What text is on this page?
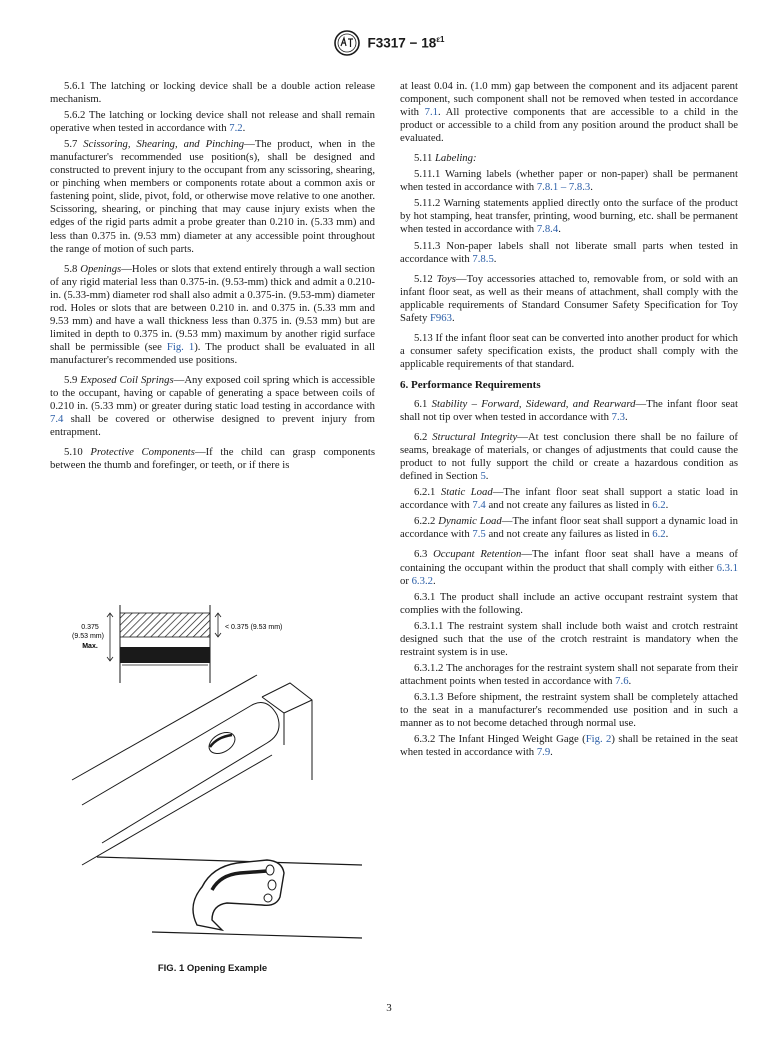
$F3317 - 18^{\varepsilon 1}$

5.6.1 The latching or locking device shall be a double action release mechanism.

5.6.2 The latching or locking device shall not release and shall remain operative when tested in accordance with 7.2.

5.7 Scissoring, Shearing, and Pinching—The product, when in the manufacturer's recommended use position(s), shall be designed and constructed to prevent injury to the occupant from any scissoring, shearing, or pinching when members or components rotate about a common axis or fastening point, slide, pivot, fold, or otherwise move relative to one another. Scissoring, shearing, or pinching that may cause injury exists when the edges of the rigid parts admit a probe greater than 0.210 in. (5.33 mm) and less than 0.375 in. (9.53 mm) diameter at any accessible point throughout the range of motion of such parts.

5.8 Openings—Holes or slots that extend entirely through a wall section of any rigid material less than 0.375-in. (9.53-mm) thick and admit a 0.210-in. (5.33-mm) diameter rod shall also admit a 0.375-in. (9.53-mm) diameter rod. Holes or slots that are between 0.210 in. and 0.375 in. (5.33 mm and 9.53 mm) and have a wall thickness less than 0.375 in. (9.53 mm) but are limited in depth to 0.375 in. (9.53 mm) maximum by another rigid surface shall be permissible (see Fig. 1). The product shall be evaluated in all manufacturer's recommended use positions.

5.9 Exposed Coil Springs—Any exposed coil spring which is accessible to the occupant, having or capable of generating a space between coils of 0.210 in. (5.33 mm) or greater during static load testing in accordance with 7.4 shall be covered or otherwise designed to prevent injury from entrapment.

5.10 Protective Components—If the child can grasp components between the thumb and forefinger, or teeth, or if there is

0.375
(9.53 mm)
Max.
< 0.375 (9.53 mm)
FIG. 1 Opening Example

at least 0.04 in. (1.0 mm) gap between the component and its adjacent parent component, such component shall not be removed when tested in accordance with 7.1. All protective components that are accessible to a child in the product or accessible to a child from any position around the product shall be evaluated.

5.11 Labeling:

5.11.1 Warning labels (whether paper or non-paper) shall be permanent when tested in accordance with 7.8.1 – 7.8.3.

5.11.2 Warning statements applied directly onto the surface of the product by hot stamping, heat transfer, printing, wood burning, etc. shall be permanent when tested in accordance with 7.8.4.

5.11.3 Non-paper labels shall not liberate small parts when tested in accordance with 7.8.5.

5.12 Toys—Toy accessories attached to, removable from, or sold with an infant floor seat, as well as their means of attachment, shall comply with the applicable requirements of Standard Consumer Safety Specification for Toy Safety F963.

5.13 If the infant floor seat can be converted into another product for which a consumer safety specification exists, the product shall comply with the applicable requirements of that standard.

6. Performance Requirements

6.1 Stability – Forward, Sideward, and Rearward—The infant floor seat shall not tip over when tested in accordance with 7.3.

6.2 Structural Integrity—At test conclusion there shall be no failure of seams, breakage of materials, or changes of adjustments that could cause the product to not fully support the child or create a hazardous condition as defined in Section 5.

6.2.1 Static Load—The infant floor seat shall support a static load in accordance with 7.4 and not create any failures as listed in 6.2.

6.2.2 Dynamic Load—The infant floor seat shall support a dynamic load in accordance with 7.5 and not create any failures as listed in 6.2.

6.3 Occupant Retention—The infant floor seat shall have a means of containing the occupant within the product that shall comply with either 6.3.1 or 6.3.2.

6.3.1 The product shall include an active occupant restraint system that complies with the following.

6.3.1.1 The restraint system shall include both waist and crotch restraint designed such that the use of the crotch restraint is mandatory when the restraint system is in use.

6.3.1.2 The anchorages for the restraint system shall not separate from their attachment points when tested in accordance with 7.6.

6.3.1.3 Before shipment, the restraint system shall be completely attached to the seat in a manufacturer's recommended use position and in such a manner as to not become detached through normal use.

6.3.2 The Infant Hinged Weight Gage (Fig. 2) shall be retained in the seat when tested in accordance with 7.9.

3
